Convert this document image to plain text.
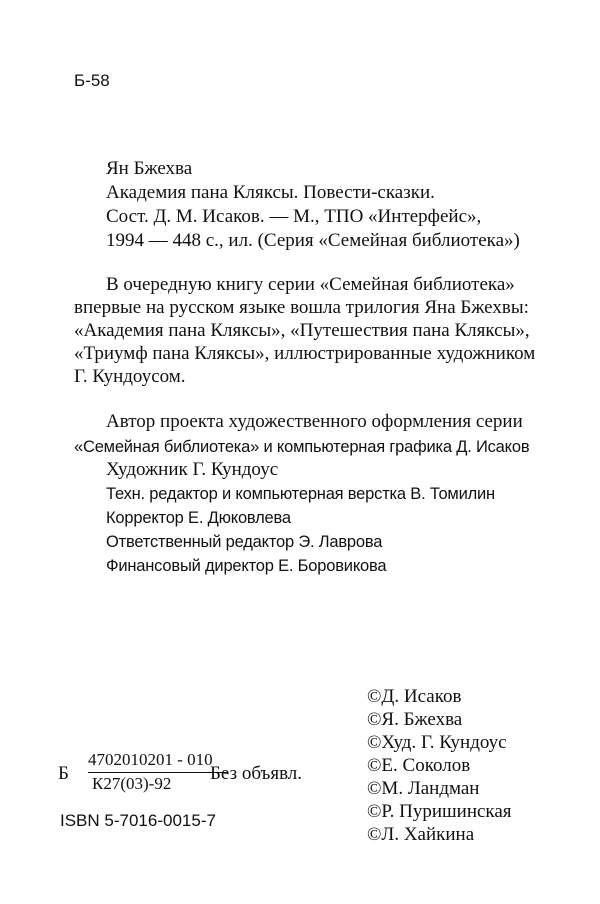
Б-58
Ян Бжехва
Академия пана Кляксы. Повести-сказки.
Сост. Д. М. Исаков. — М., ТПО «Интерфейс»,
1994 — 448 с., ил. (Серия «Семейная библиотека»)
В очередную книгу серии «Семейная библиотека»
впервые на русском языке вошла трилогия Яна Бжехвы:
«Академия пана Кляксы», «Путешествия пана Кляксы»,
«Триумф пана Кляксы», иллюстрированные художником
Г. Кундоусом.
Автор проекта художественного оформления серии
«Семейная библиотека» и компьютерная графика Д. Исаков
Художник Г. Кундоус
Техн. редактор и компьютерная верстка В. Томилин
Корректор Е. Дюковлева
Ответственный редактор Э. Лаврова
Финансовый директор Е. Боровикова
Б
4702010201 - 010
К27(03)-92 Без объявл.
ISBN 5-7016-0015-7
©Д. Исаков
©Я. Бжехва
©Худ. Г. Кундоус
©Е. Соколов
©М. Ландман
©Р. Пуришинская
©Л. Хайкина
